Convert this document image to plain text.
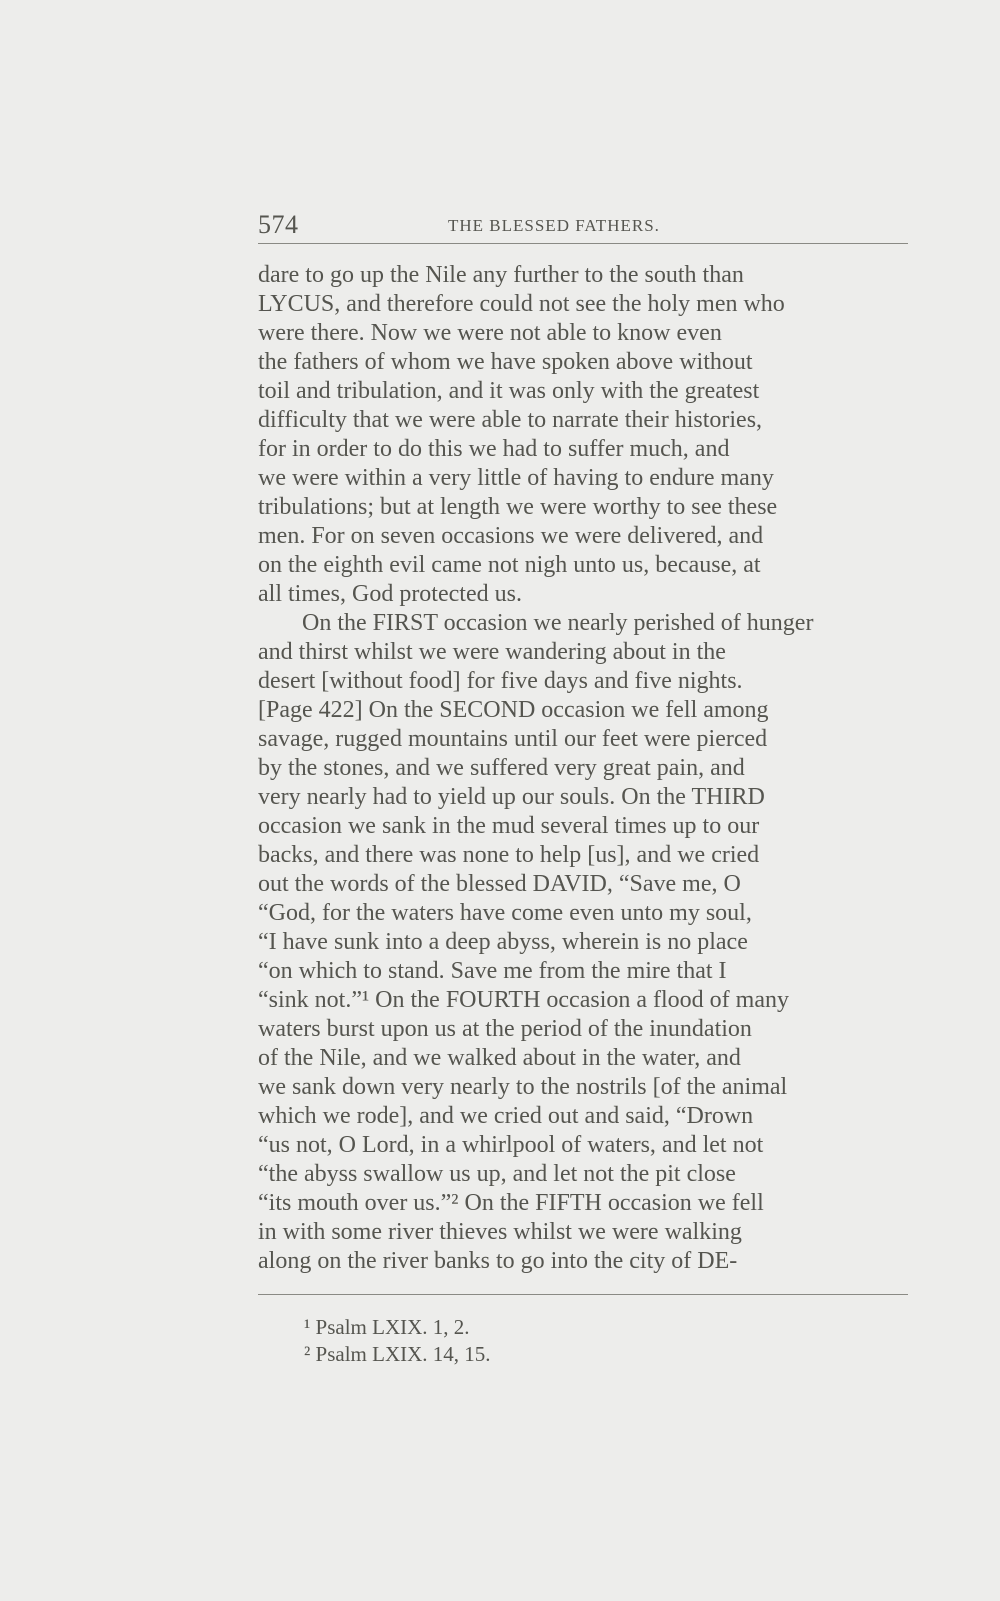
574	THE BLESSED FATHERS.
dare to go up the Nile any further to the south than
LYCUS, and therefore could not see the holy men who
were there. Now we were not able to know even
the fathers of whom we have spoken above without
toil and tribulation, and it was only with the greatest
difficulty that we were able to narrate their histories,
for in order to do this we had to suffer much, and
we were within a very little of having to endure many
tribulations; but at length we were worthy to see these
men. For on seven occasions we were delivered, and
on the eighth evil came not nigh unto us, because, at
all times, God protected us.
On the FIRST occasion we nearly perished of hunger
and thirst whilst we were wandering about in the
desert [without food] for five days and five nights.
[Page 422] On the SECOND occasion we fell among
savage, rugged mountains until our feet were pierced
by the stones, and we suffered very great pain, and
very nearly had to yield up our souls. On the THIRD
occasion we sank in the mud several times up to our
backs, and there was none to help [us], and we cried
out the words of the blessed DAVID, “Save me, O
“God, for the waters have come even unto my soul,
“I have sunk into a deep abyss, wherein is no place
“on which to stand. Save me from the mire that I
“sink not.”¹ On the FOURTH occasion a flood of many
waters burst upon us at the period of the inundation
of the Nile, and we walked about in the water, and
we sank down very nearly to the nostrils [of the animal
which we rode], and we cried out and said, “Drown
“us not, O Lord, in a whirlpool of waters, and let not
“the abyss swallow us up, and let not the pit close
“its mouth over us.”² On the FIFTH occasion we fell
in with some river thieves whilst we were walking
along on the river banks to go into the city of DE-
¹ Psalm LXIX. 1, 2.
² Psalm LXIX. 14, 15.
